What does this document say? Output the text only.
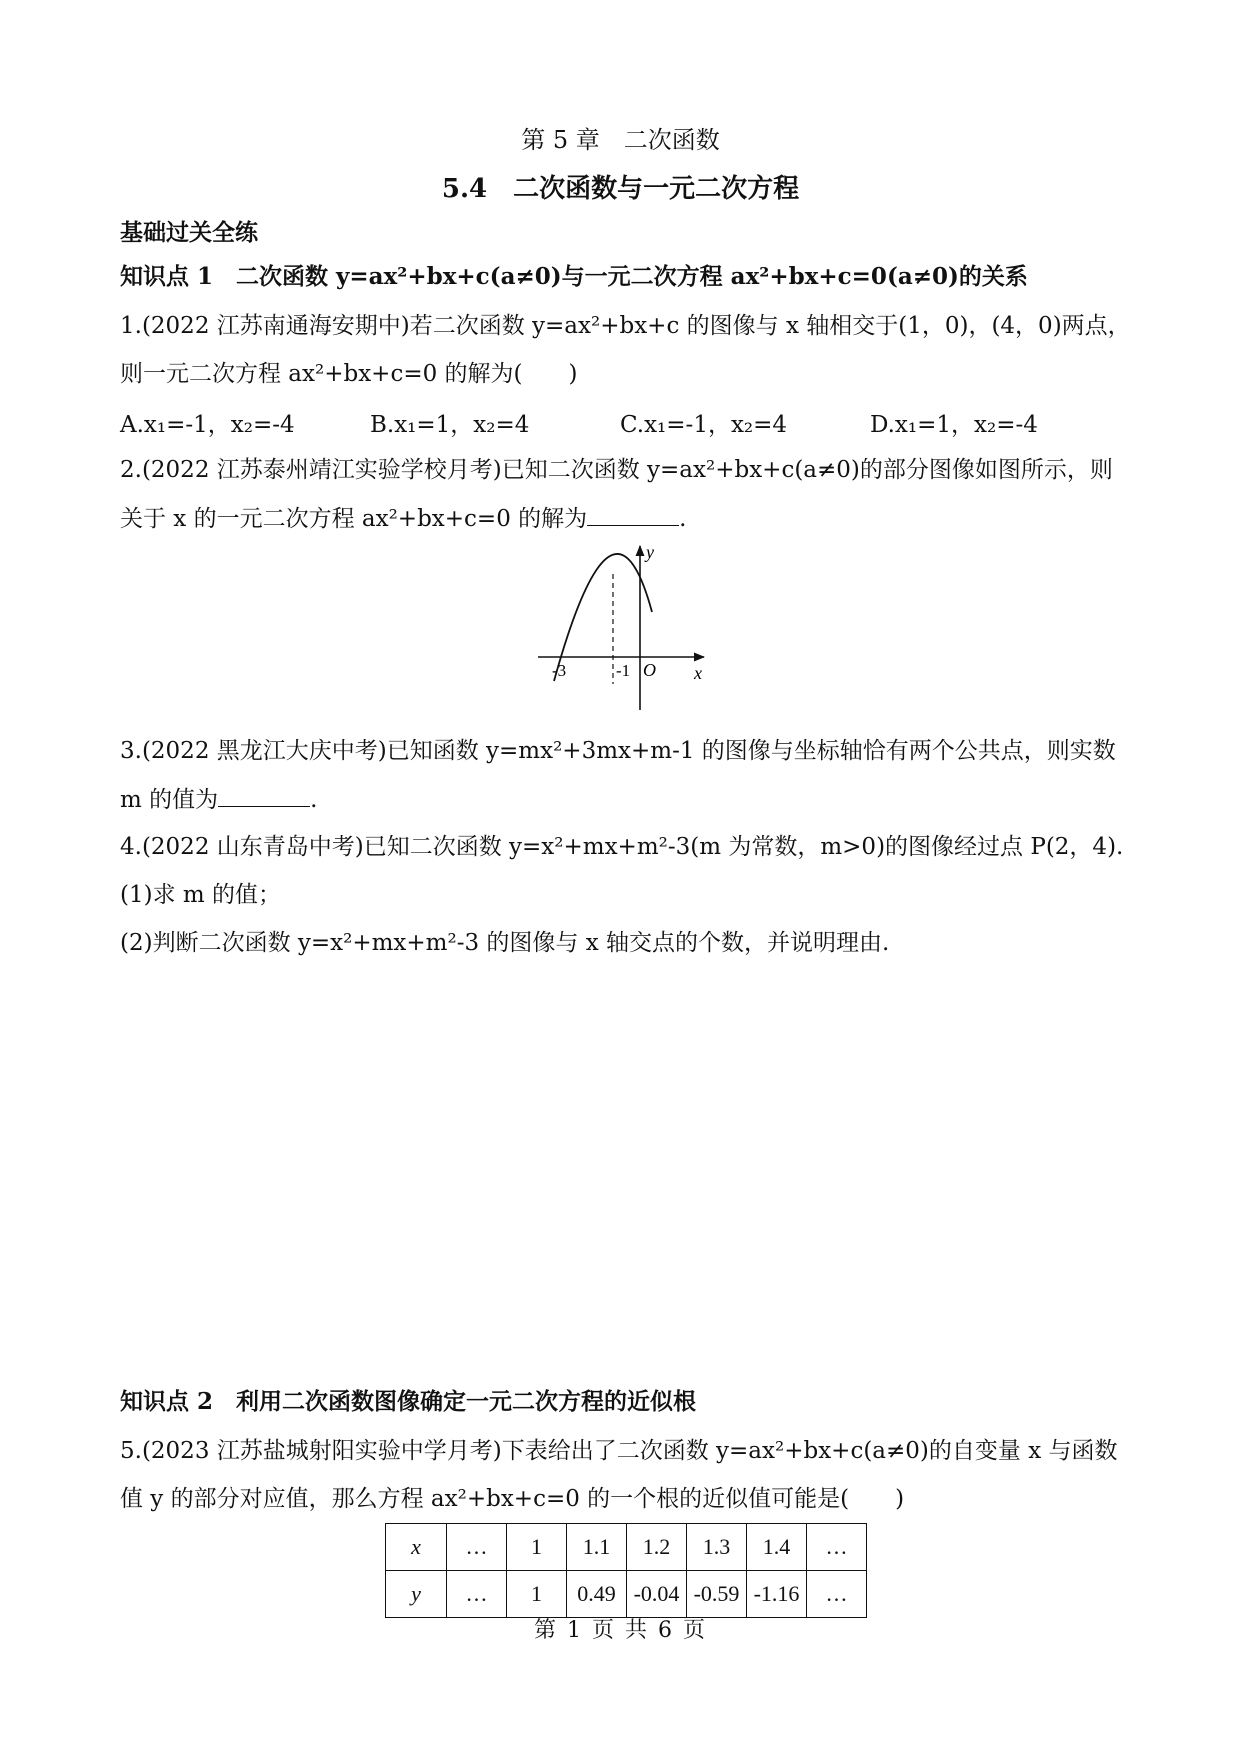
第 5 章　二次函数
5.4　二次函数与一元二次方程
基础过关全练
知识点 1　二次函数 y=ax²+bx+c(a≠0)与一元二次方程 ax²+bx+c=0(a≠0)的关系
1.(2022 江苏南通海安期中)若二次函数 y=ax²+bx+c 的图像与 x 轴相交于(1，0)，(4，0)两点，
则一元二次方程 ax²+bx+c=0 的解为(　　)
A.x₁=-1，x₂=-4	B.x₁=1，x₂=4	C.x₁=-1，x₂=4	D.x₁=1，x₂=-4
2.(2022 江苏泰州靖江实验学校月考)已知二次函数 y=ax²+bx+c(a≠0)的部分图像如图所示，则
关于 x 的一元二次方程 ax²+bx+c=0 的解为	.
y
x
O
-3	-1
3.(2022 黑龙江大庆中考)已知函数 y=mx²+3mx+m-1 的图像与坐标轴恰有两个公共点，则实数
m 的值为	.
4.(2022 山东青岛中考)已知二次函数 y=x²+mx+m²-3(m 为常数，m>0)的图像经过点 P(2，4).
(1)求 m 的值；
(2)判断二次函数 y=x²+mx+m²-3 的图像与 x 轴交点的个数，并说明理由.
知识点 2　利用二次函数图像确定一元二次方程的近似根
5.(2023 江苏盐城射阳实验中学月考)下表给出了二次函数 y=ax²+bx+c(a≠0)的自变量 x 与函数
值 y 的部分对应值，那么方程 ax²+bx+c=0 的一个根的近似值可能是(　　)
x	…	1	1.1	1.2	1.3	1.4	…
y	…	1	0.49	-0.04	-0.59	-1.16	…
第 1 页 共 6 页
